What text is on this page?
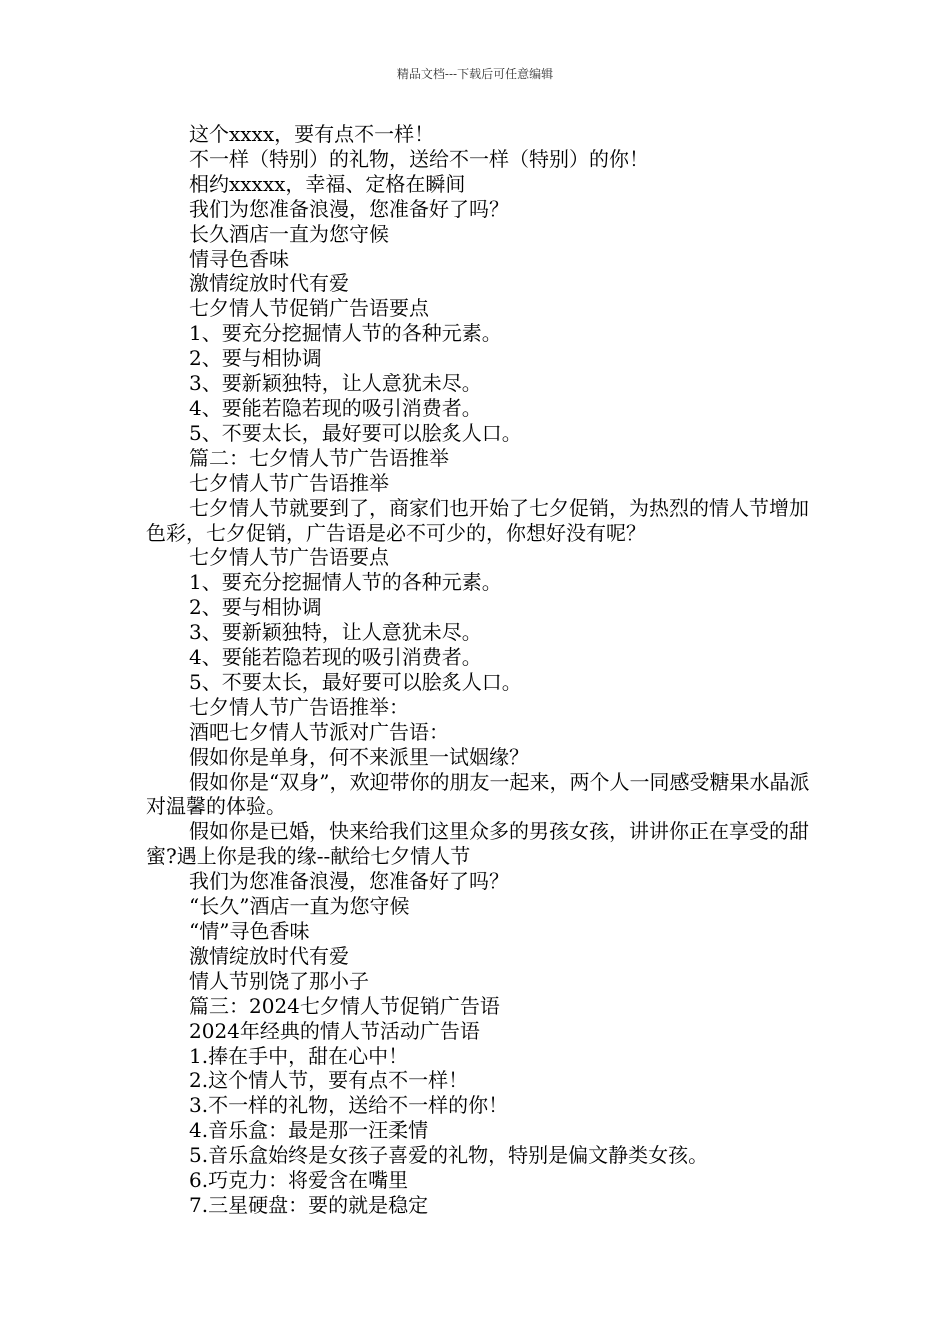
精品文档---下载后可任意编辑
这个xxxx，要有点不一样！
不一样（特别）的礼物，送给不一样（特别）的你！
相约xxxxx，幸福、定格在瞬间
我们为您准备浪漫，您准备好了吗？
长久酒店一直为您守候
情寻色香味
激情绽放时代有爱
七夕情人节促销广告语要点
1、要充分挖掘情人节的各种元素。
2、要与相协调
3、要新颖独特，让人意犹未尽。
4、要能若隐若现的吸引消费者。
5、不要太长，最好要可以脍炙人口。
篇二：七夕情人节广告语推举
七夕情人节广告语推举
七夕情人节就要到了，商家们也开始了七夕促销，为热烈的情人节增加色彩，七夕促销，广告语是必不可少的，你想好没有呢？
七夕情人节广告语要点
1、要充分挖掘情人节的各种元素。
2、要与相协调
3、要新颖独特，让人意犹未尽。
4、要能若隐若现的吸引消费者。
5、不要太长，最好要可以脍炙人口。
七夕情人节广告语推举：
酒吧七夕情人节派对广告语：
假如你是单身，何不来派里一试姻缘？
假如你是“双身”，欢迎带你的朋友一起来，两个人一同感受糖果水晶派对温馨的体验。
假如你是已婚，快来给我们这里众多的男孩女孩，讲讲你正在享受的甜蜜?遇上你是我的缘--献给七夕情人节
我们为您准备浪漫，您准备好了吗？
“长久”酒店一直为您守候
“情”寻色香味
激情绽放时代有爱
情人节别饶了那小子
篇三：2024七夕情人节促销广告语
2024年经典的情人节活动广告语
1.捧在手中，甜在心中！
2.这个情人节，要有点不一样！
3.不一样的礼物，送给不一样的你！
4.音乐盒：最是那一汪柔情
5.音乐盒始终是女孩子喜爱的礼物，特别是偏文静类女孩。
6.巧克力：将爱含在嘴里
7.三星硬盘：要的就是稳定
